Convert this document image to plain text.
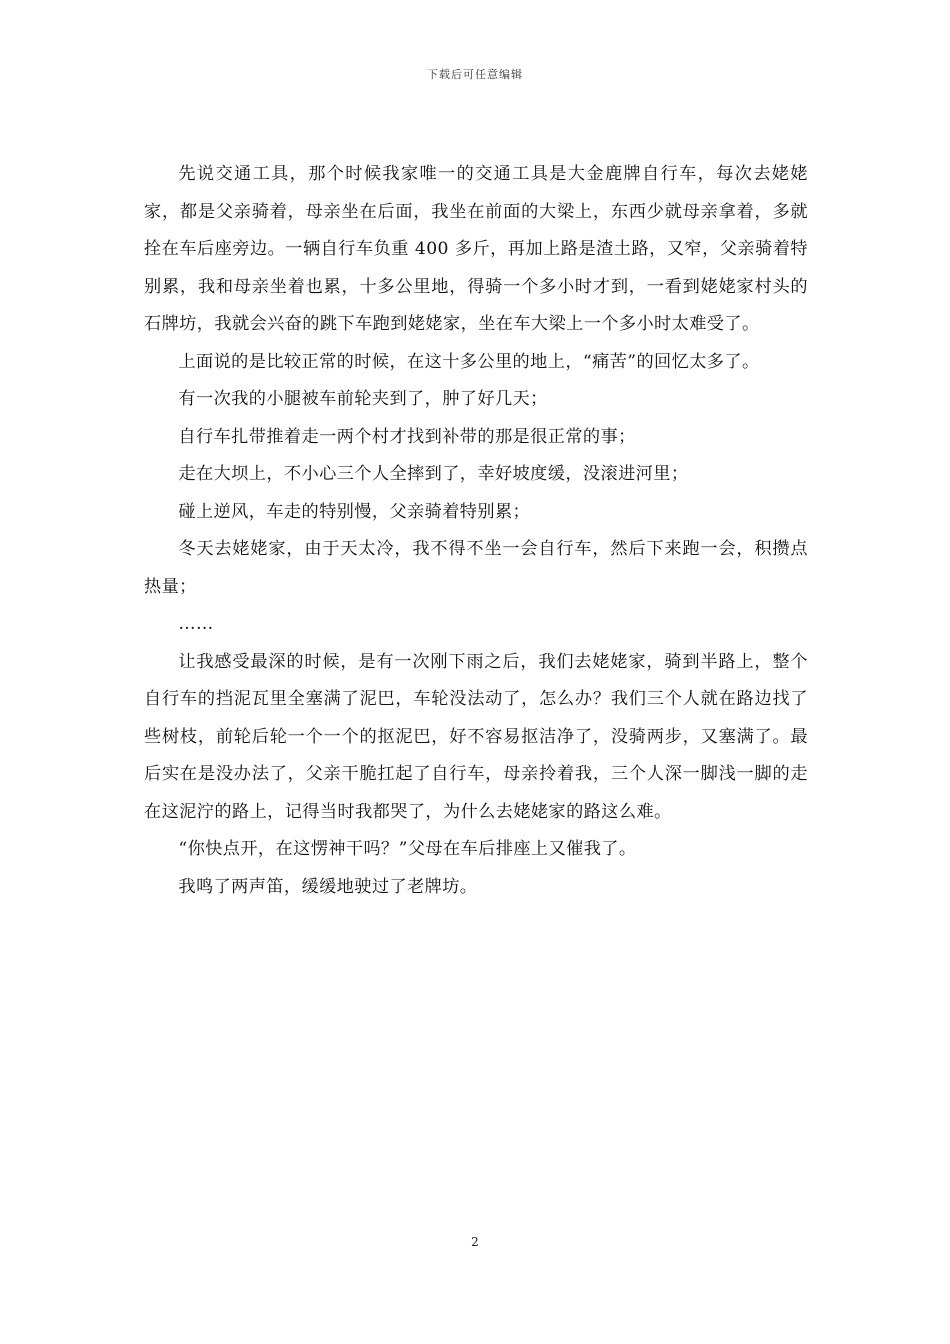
下载后可任意编辑

先说交通工具，那个时候我家唯一的交通工具是大金鹿牌自行车，每次去姥姥家，都是父亲骑着，母亲坐在后面，我坐在前面的大梁上，东西少就母亲拿着，多就拴在车后座旁边。一辆自行车负重 400 多斤，再加上路是渣土路，又窄，父亲骑着特别累，我和母亲坐着也累，十多公里地，得骑一个多小时才到，一看到姥姥家村头的石牌坊，我就会兴奋的跳下车跑到姥姥家，坐在车大梁上一个多小时太难受了。

上面说的是比较正常的时候，在这十多公里的地上，“痛苦”的回忆太多了。

有一次我的小腿被车前轮夹到了，肿了好几天；

自行车扎带推着走一两个村才找到补带的那是很正常的事；

走在大坝上，不小心三个人全摔到了，幸好坡度缓，没滚进河里；

碰上逆风，车走的特别慢，父亲骑着特别累；

冬天去姥姥家，由于天太冷，我不得不坐一会自行车，然后下来跑一会，积攒点热量；

……

让我感受最深的时候，是有一次刚下雨之后，我们去姥姥家，骑到半路上，整个自行车的挡泥瓦里全塞满了泥巴，车轮没法动了，怎么办？我们三个人就在路边找了些树枝，前轮后轮一个一个的抠泥巴，好不容易抠洁净了，没骑两步，又塞满了。最后实在是没办法了，父亲干脆扛起了自行车，母亲拎着我，三个人深一脚浅一脚的走在这泥泞的路上，记得当时我都哭了，为什么去姥姥家的路这么难。

“你快点开，在这愣神干吗？”父母在车后排座上又催我了。

我鸣了两声笛，缓缓地驶过了老牌坊。

2
